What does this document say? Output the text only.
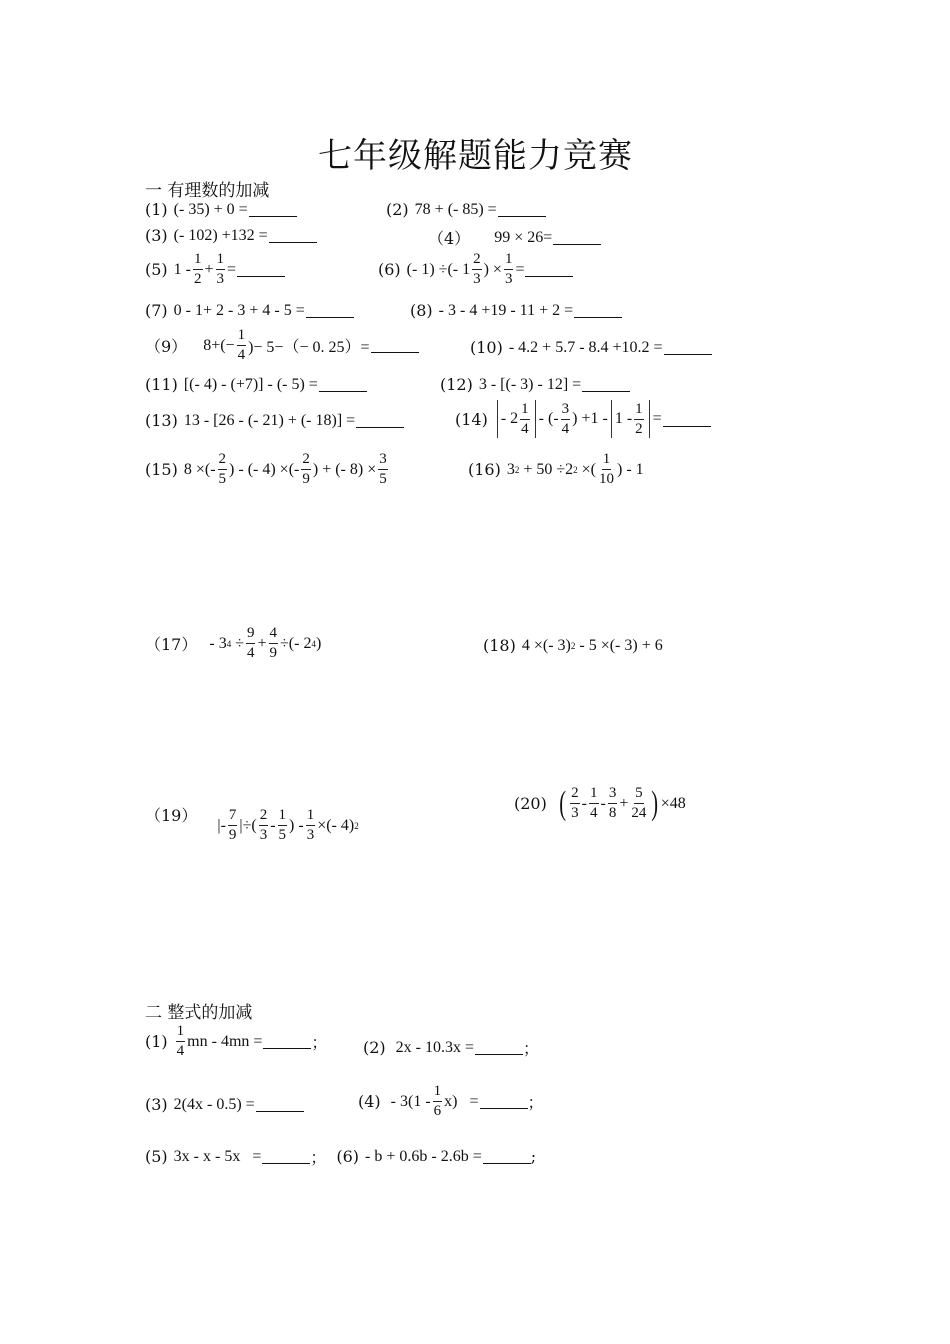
七年级解题能力竞赛
一 有理数的加减
(1) (- 35) + 0 =	(2) 78 + (- 85) =
(3) (- 102) +132 =	（4） 99 × 26=
(5) $1 - \frac{1}{2} + \frac{1}{3}$ =	(6) (- 1) ÷(- $1 \frac{2}{3}$ ) × $\frac{1}{3}$ =
(7) 0 - 1+ 2 - 3 + 4 - 5 =	(8) - 3 - 4 +19 - 11 + 2 =
（9） $8+(- \frac{1}{4}$ )− 5−（− 0. 25）=	(10) - 4.2 + 5.7 - 8.4 +10.2 =
(11) [(- 4) - (+7)] - (- 5) =	(12) 3 - [(- 3) - 12] =
(13) 13 - [26 - (- 21) + (- 18)] =	$(14) - 2 \frac{1}{4}$ - (- $\frac{3}{4}$ ) $+1 - 1 - \frac{1}{2}$ =
(15) 8 ×(- $\frac{2}{5}$ ) - (- 4) ×(- $\frac{2}{9}$ ) + (- $8) \times \frac{3}{5}$	(16) 3 2
+ 50 ÷2 2
×( $\frac{1}{10}$ ) - 1
（17） - 3 4
÷ $\frac{9}{4} + \frac{4}{9}$ ÷(- 2 4 )	(18) 4 ×(- 3) 2
- 5 ×(- 3) + 6
（19） |- $\frac{7}{9}$ |÷( $\frac{2}{3} - \frac{1}{5}$ ) - $\frac{1}{3}$ ×(- 4) 2
(20) ( $\frac{2}{3} - \frac{1}{4} - \frac{3}{8} + \frac{5}{24}$ ) ×48
二 整式的加减
$(1) \frac{1}{4}$ mn - 4mn =	； (2) 2x - 10.3x =	；
(3) 2(4x - 0.5) =	$(4) - 3(1 - \frac{1}{6} x)$   =	；
(5) 3x - x - 5x   =	； (6) - b + 0.6b - 2.6b =	;
